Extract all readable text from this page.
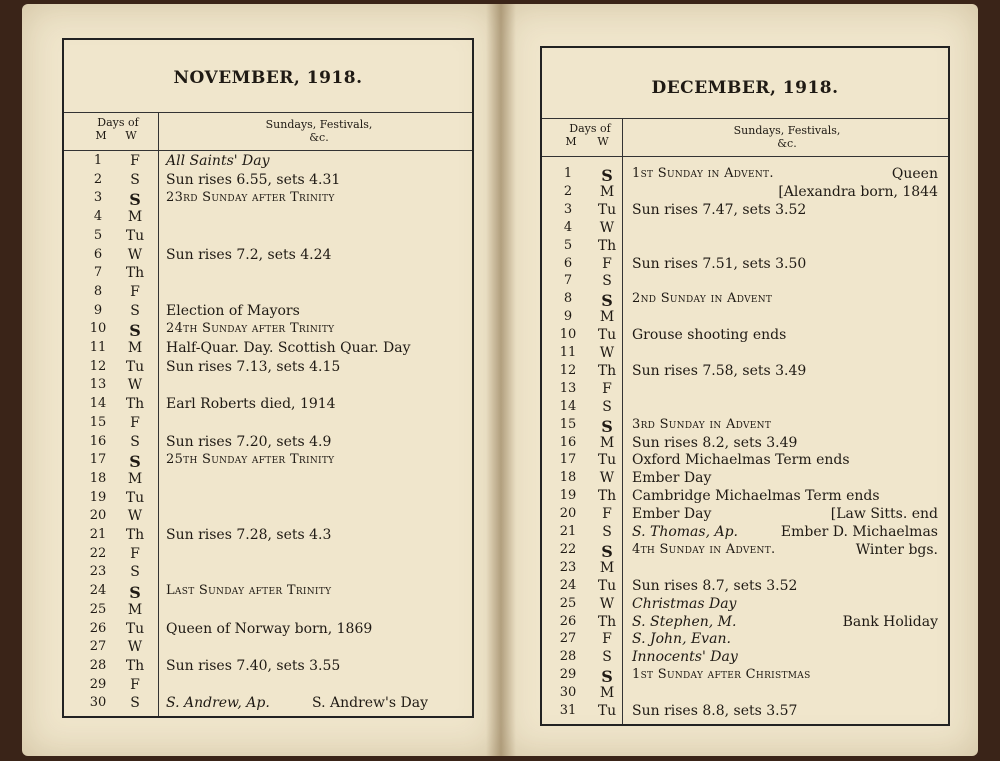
NOVEMBER, 1918.
Days of
M W
Sundays, Festivals,
&c.
1	F	All Saints' Day
2	S	Sun rises 6.55, sets 4.31
3	S	23rd Sunday after Trinity
4	M
5	Tu
6	W	Sun rises 7.2, sets 4.24
7	Th
8	F
9	S	Election of Mayors
10	S	24th Sunday after Trinity
11	M	Half-Quar. Day. Scottish Quar. Day
12	Tu	Sun rises 7.13, sets 4.15
13	W
14	Th	Earl Roberts died, 1914
15	F
16	S	Sun rises 7.20, sets 4.9
17	S	25th Sunday after Trinity
18	M
19	Tu
20	W
21	Th	Sun rises 7.28, sets 4.3
22	F
23	S
24	S	Last Sunday after Trinity
25	M
26	Tu	Queen of Norway born, 1869
27	W
28	Th	Sun rises 7.40, sets 3.55
29	F
30	S	S. Andrew, Ap.	S. Andrew's Day
DECEMBER, 1918.
Days of
M W
Sundays, Festivals,
&c.
1	S	1st Sunday in Advent.	Queen
2	M	[Alexandra born, 1844
3	Tu	Sun rises 7.47, sets 3.52
4	W
5	Th
6	F	Sun rises 7.51, sets 3.50
7	S
8	S	2nd Sunday in Advent
9	M
10	Tu	Grouse shooting ends
11	W
12	Th	Sun rises 7.58, sets 3.49
13	F
14	S
15	S	3rd Sunday in Advent
16	M	Sun rises 8.2, sets 3.49
17	Tu	Oxford Michaelmas Term ends
18	W	Ember Day
19	Th	Cambridge Michaelmas Term ends
20	F	Ember Day	[Law Sitts. end
21	S	S. Thomas, Ap.	Ember D. Michaelmas
22	S	4th Sunday in Advent.	Winter bgs.
23	M
24	Tu	Sun rises 8.7, sets 3.52
25	W	Christmas Day
26	Th	S. Stephen, M.	Bank Holiday
27	F	S. John, Evan.
28	S	Innocents' Day
29	S	1st Sunday after Christmas
30	M
31	Tu	Sun rises 8.8, sets 3.57
